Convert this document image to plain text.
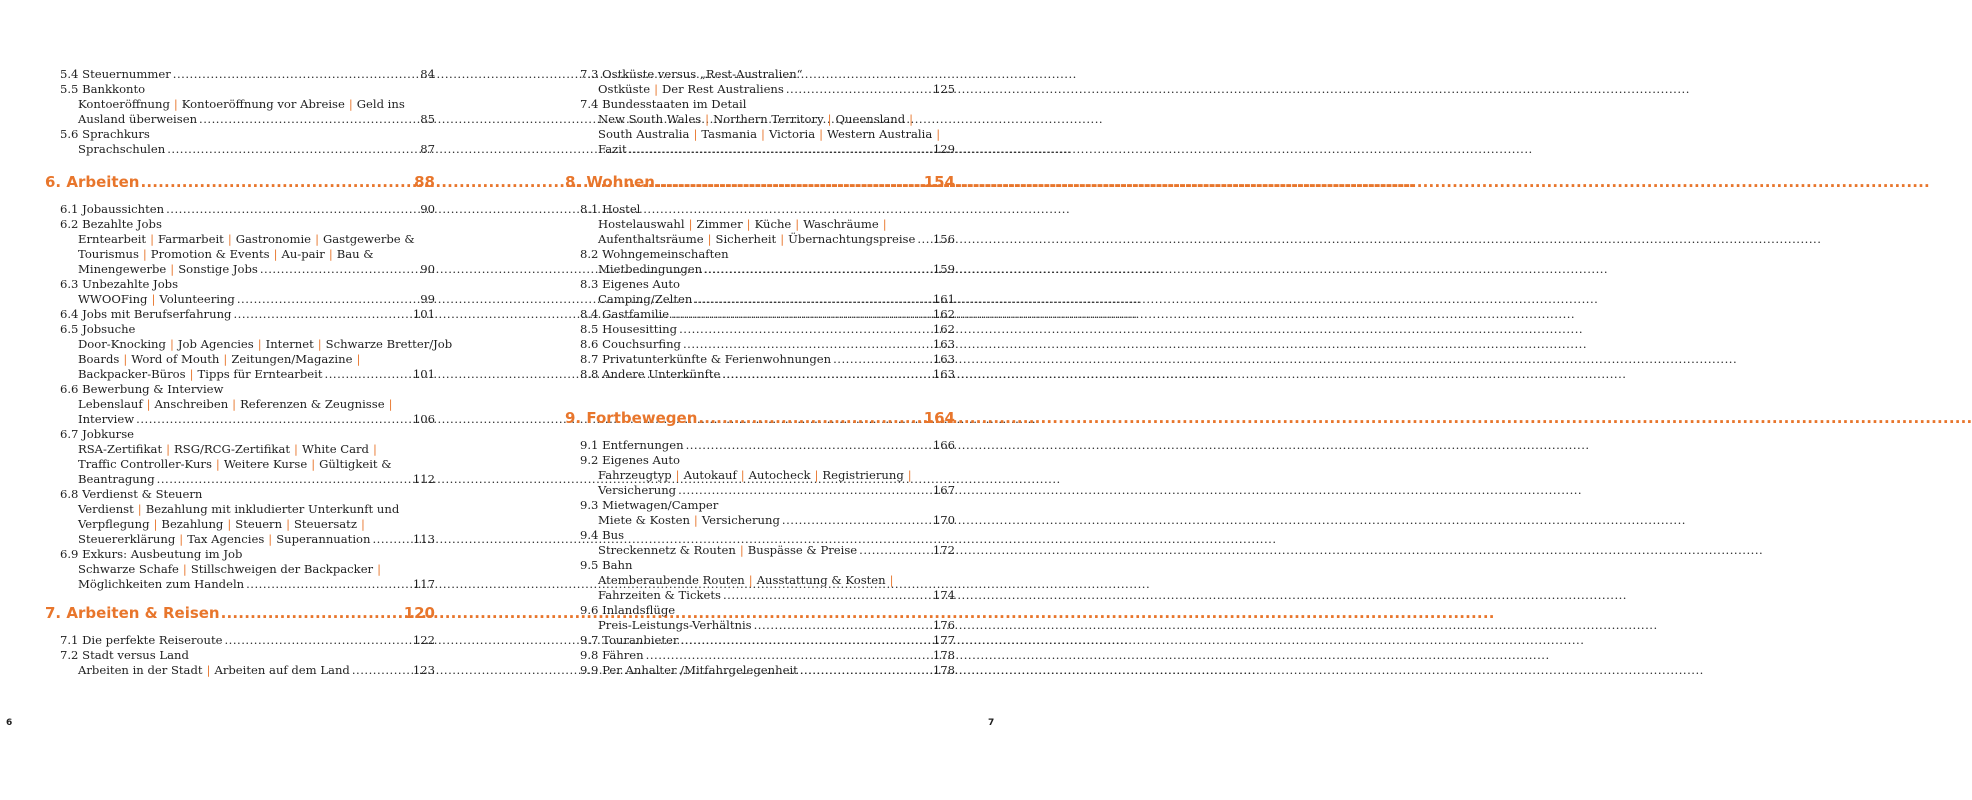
5.4 Steuernummer .....	84
5.5 Bankkonto
Kontoeröffnung | Kontoeröffnung vor Abreise | Geld ins
Ausland überweisen .....	85
5.6 Sprachkurs
Sprachschulen .....	87
6. Arbeiten .....	88
6.1 Jobaussichten .....	90
6.2 Bezahlte Jobs
Erntearbeit | Farmarbeit | Gastronomie | Gastgewerbe &
Tourismus | Promotion & Events | Au-pair | Bau &
Minengewerbe | Sonstige Jobs .....	90
6.3 Unbezahlte Jobs
WWOOFing | Volunteering .....	99
6.4 Jobs mit Berufserfahrung .....	101
6.5 Jobsuche
Door-Knocking | Job Agencies | Internet | Schwarze Bretter/Job
Boards | Word of Mouth | Zeitungen/Magazine |
Backpacker-Büros | Tipps für Erntearbeit .....	101
6.6 Bewerbung & Interview
Lebenslauf | Anschreiben | Referenzen & Zeugnisse |
Interview .....	106
6.7 Jobkurse
RSA-Zertifikat | RSG/RCG-Zertifikat | White Card |
Traffic Controller-Kurs | Weitere Kurse | Gültigkeit &
Beantragung .....	112
6.8 Verdienst & Steuern
Verdienst | Bezahlung mit inkludierter Unterkunft und
Verpflegung | Bezahlung | Steuern | Steuersatz |
Steuererklärung | Tax Agencies | Superannuation .....	113
6.9 Exkurs: Ausbeutung im Job
Schwarze Schafe | Stillschweigen der Backpacker |
Möglichkeiten zum Handeln .....	117
7. Arbeiten & Reisen .....	120
7.1 Die perfekte Reiseroute .....	122
7.2 Stadt versus Land
Arbeiten in der Stadt | Arbeiten auf dem Land .....	123
7.3 Ostküste versus „Rest-Australien“
Ostküste | Der Rest Australiens .....	125
7.4 Bundesstaaten im Detail
New South Wales | Northern Territory | Queensland |
South Australia | Tasmania | Victoria | Western Australia |
Fazit .....	129
8. Wohnen .....	154
8.1 Hostel
Hostelauswahl | Zimmer | Küche | Waschräume |
Aufenthaltsräume | Sicherheit | Übernachtungspreise ..... 156
8.2 Wohngemeinschaften
Mietbedingungen .....	159
8.3 Eigenes Auto
Camping/Zelten .....	161
8.4 Gastfamilie .....	162
8.5 Housesitting .....	162
8.6 Couchsurfing .....	163
8.7 Privatunterkünfte & Ferienwohnungen .....	163
8.8 Andere Unterkünfte .....	163
9. Fortbewegen .....	164
9.1 Entfernungen .....	166
9.2 Eigenes Auto
Fahrzeugtyp | Autokauf | Autocheck | Registrierung |
Versicherung .....	167
9.3 Mietwagen/Camper
Miete & Kosten | Versicherung .....	170
9.4 Bus
Streckennetz & Routen | Buspässe & Preise .....	172
9.5 Bahn
Atemberaubende Routen | Ausstattung & Kosten |
Fahrzeiten & Tickets .....	174
9.6 Inlandsflüge
Preis-Leistungs-Verhältnis .....	176
9.7 Touranbieter .....	177
9.8 Fähren .....	178
9.9 Per Anhalter /Mitfahrgelegenheit .....	178
6	7
